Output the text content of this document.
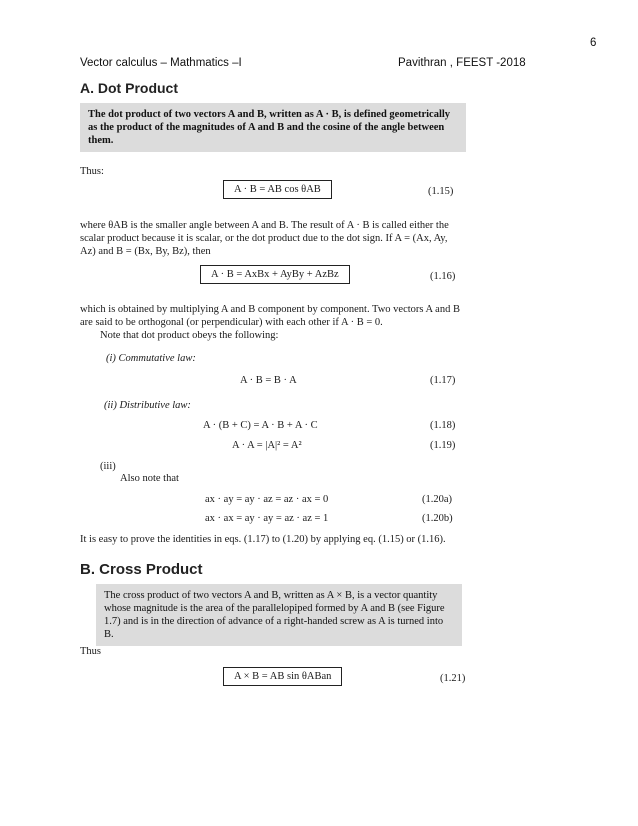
6
Vector calculus – Mathmatics –I	Pavithran , FEEST -2018
A. Dot Product
The dot product of two vectors A and B, written as A · B, is defined geometrically as the product of the magnitudes of A and B and the cosine of the angle between them.
Thus:
A · B = AB cos θAB	(1.15)
where θAB is the smaller angle between A and B. The result of A · B is called either the scalar product because it is scalar, or the dot product due to the dot sign. If A = (Ax, Ay, Az) and B = (Bx, By, Bz), then
A · B = AxBx + AyBy + AzBz	(1.16)
which is obtained by multiplying A and B component by component. Two vectors A and B are said to be orthogonal (or perpendicular) with each other if A · B = 0.
Note that dot product obeys the following:
(i) Commutative law:
A · B = B · A	(1.17)
(ii) Distributive law:
A · (B + C) = A · B + A · C	(1.18)
A · A = |A|² = A²	(1.19)
(iii)
Also note that
ax · ay = ay · az = az · ax = 0	(1.20a)
ax · ax = ay · ay = az · az = 1	(1.20b)
It is easy to prove the identities in eqs. (1.17) to (1.20) by applying eq. (1.15) or (1.16).
B. Cross Product
The cross product of two vectors A and B, written as A × B, is a vector quantity whose magnitude is the area of the parallelopiped formed by A and B (see Figure 1.7) and is in the direction of advance of a right-handed screw as A is turned into B.
Thus
A × B = AB sin θABan	(1.21)
